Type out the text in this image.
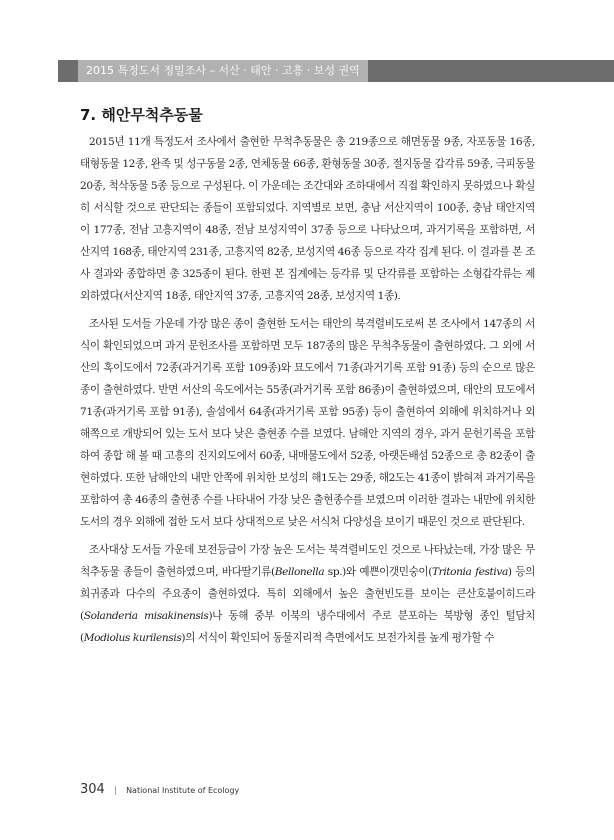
2015 특정도서 정밀조사 – 서산 · 태안 · 고흥 · 보성 권역
7. 해안무척추동물

2015년 11개 특정도서 조사에서 출현한 무척추동물은 총 219종으로 해면동물 9종, 자포동물 16종, 태형동물 12종, 완족 및 성구동물 2종, 연체동물 66종, 환형동물 30종, 절지동물 갑각류 59종, 극피동물 20종, 척삭동물 5종 등으로 구성된다. 이 가운데는 조간대와 조하대에서 직접 확인하지 못하였으나 확실히 서식할 것으로 판단되는 종들이 포함되었다. 지역별로 보면, 충남 서산지역이 100종, 충남 태안지역이 177종, 전남 고흥지역이 48종, 전남 보성지역이 37종 등으로 나타났으며, 과거기록을 포함하면, 서산지역 168종, 태안지역 231종, 고흥지역 82종, 보성지역 46종 등으로 각각 집계 된다. 이 결과를 본 조사 결과와 종합하면 총 325종이 된다. 한편 본 집계에는 등각류 및 단각류를 포함하는 소형갑각류는 제외하였다(서산지역 18종, 태안지역 37종, 고흥지역 28종, 보성지역 1종).

조사된 도서들 가운데 가장 많은 종이 출현한 도서는 태안의 북격렬비도로써 본 조사에서 147종의 서식이 확인되었으며 과거 문헌조사를 포함하면 모두 187종의 많은 무척추동물이 출현하였다. 그 외에 서산의 혹이도에서 72종(과거기록 포함 109종)와 묘도에서 71종(과거기록 포함 91종) 등의 순으로 많은 종이 출현하였다. 반면 서산의 옥도에서는 55종(과거기록 포함 86종)이 출현하였으며, 태안의 묘도에서 71종(과거기록 포함 91종), 솔섬에서 64종(과거기록 포함 95종) 등이 출현하여 외해에 위치하거나 외해쪽으로 개방되어 있는 도서 보다 낮은 출현종 수를 보였다. 남해안 지역의 경우, 과거 문헌기록을 포함하여 종합 해 볼 때 고흥의 진지외도에서 60종, 내매물도에서 52종, 아랫돈배섬 52종으로 총 82종이 출현하였다. 또한 남해안의 내만 안쪽에 위치한 보성의 해1도는 29종, 해2도는 41종이 밝혀져 과거기록을 포함하여 총 46종의 출현종 수를 나타내어 가장 낮은 출현종수를 보였으며 이러한 결과는 내만에 위치한 도서의 경우 외해에 접한 도서 보다 상대적으로 낮은 서식처 다양성을 보이기 때문인 것으로 판단된다.

조사대상 도서들 가운데 보전등급이 가장 높은 도서는 북격렬비도인 것으로 나타났는데, 가장 많은 무척추동물 종들이 출현하였으며, 바다딸기류(Bellonella sp.)와 예쁜이갯민숭이(Tritonia festiva) 등의 희귀종과 다수의 주요종이 출현하였다. 특히 외해에서 높은 출현빈도를 보이는 큰산호붙이히드라(Solanderia misakinensis)나 동해 중부 이북의 냉수대에서 주로 분포하는 북방형 종인 털담치(Modiolus kurilensis)의 서식이 확인되어 동물지리적 측면에서도 보전가치를 높게 평가할 수

304 | National Institute of Ecology
